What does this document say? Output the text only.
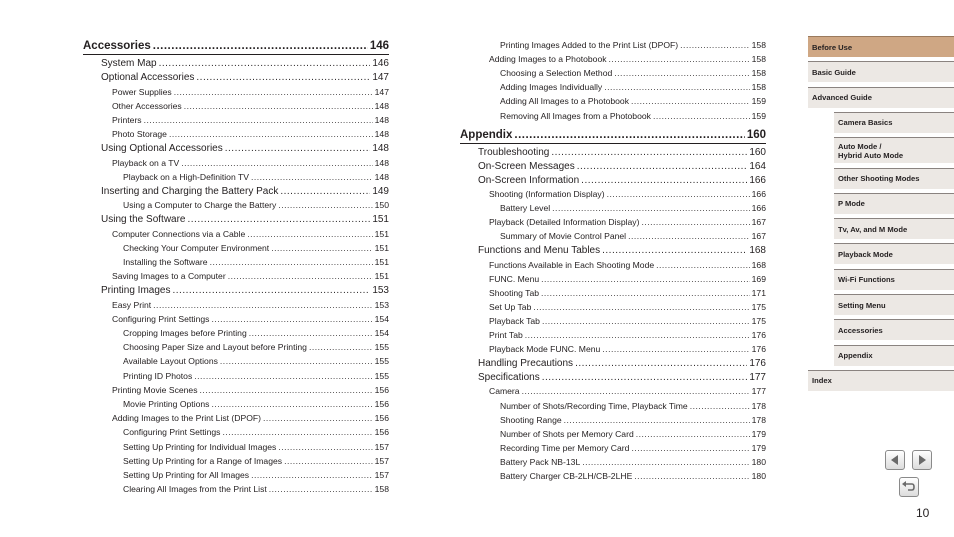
Accessories .....	146
System Map .....	146
Optional Accessories .....	147
Power Supplies .....	147
Other Accessories .....	148
Printers .....	148
Photo Storage .....	148
Using Optional Accessories .....	148
Playback on a TV .....	148
Playback on a High-Definition TV .....	148
Inserting and Charging the Battery Pack .....	149
Using a Computer to Charge the Battery .....	150
Using the Software .....	151
Computer Connections via a Cable .....	151
Checking Your Computer Environment .....	151
Installing the Software .....	151
Saving Images to a Computer .....	151
Printing Images .....	153
Easy Print .....	153
Configuring Print Settings .....	154
Cropping Images before Printing .....	154
Choosing Paper Size and Layout before Printing .....	155
Available Layout Options .....	155
Printing ID Photos .....	155
Printing Movie Scenes .....	156
Movie Printing Options .....	156
Adding Images to the Print List (DPOF) .....	156
Configuring Print Settings .....	156
Setting Up Printing for Individual Images .....	157
Setting Up Printing for a Range of Images .....	157
Setting Up Printing for All Images .....	157
Clearing All Images from the Print List .....	158
Printing Images Added to the Print List (DPOF) .....	158
Adding Images to a Photobook .....	158
Choosing a Selection Method .....	158
Adding Images Individually .....	158
Adding All Images to a Photobook .....	159
Removing All Images from a Photobook .....	159
Appendix .....	160
Troubleshooting .....	160
On-Screen Messages .....	164
On-Screen Information .....	166
Shooting (Information Display) .....	166
Battery Level .....	166
Playback (Detailed Information Display) .....	167
Summary of Movie Control Panel .....	167
Functions and Menu Tables .....	168
Functions Available in Each Shooting Mode .....	168
FUNC. Menu .....	169
Shooting Tab .....	171
Set Up Tab .....	175
Playback Tab .....	175
Print Tab .....	176
Playback Mode FUNC. Menu .....	176
Handling Precautions .....	176
Specifications .....	177
Camera .....	177
Number of Shots/Recording Time, Playback Time .....	178
Shooting Range .....	178
Number of Shots per Memory Card .....	179
Recording Time per Memory Card .....	179
Battery Pack NB-13L .....	180
Battery Charger CB-2LH/CB-2LHE .....	180
Before Use
Basic Guide
Advanced Guide
Camera Basics
Auto Mode /
Hybrid Auto Mode
Other Shooting Modes
P Mode
Tv, Av, and M Mode
Playback Mode
Wi-Fi Functions
Setting Menu
Accessories
Appendix
Index
10
